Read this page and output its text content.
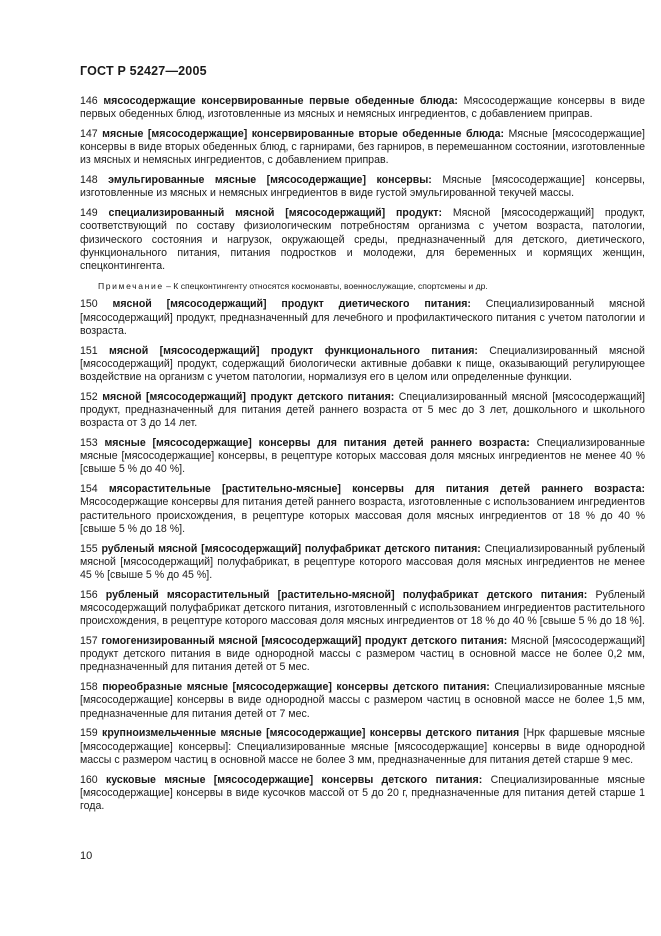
ГОСТ Р 52427—2005

146 мясосодержащие консервированные первые обеденные блюда: Мясосодержащие консервы в виде первых обеденных блюд, изготовленные из мясных и немясных ингредиентов, с добавлением приправ.

147 мясные [мясосодержащие] консервированные вторые обеденные блюда: Мясные [мясосодержащие] консервы в виде вторых обеденных блюд, с гарнирами, без гарниров, в перемешанном состоянии, изготовленные из мясных и немясных ингредиентов, с добавлением приправ.

148 эмульгированные мясные [мясосодержащие] консервы: Мясные [мясосодержащие] консервы, изготовленные из мясных и немясных ингредиентов в виде густой эмульгированной текучей массы.

149 специализированный мясной [мясосодержащий] продукт: Мясной [мясосодержащий] продукт, соответствующий по составу физиологическим потребностям организма с учетом возраста, патологии, физического состояния и нагрузок, окружающей среды, предназначенный для детского, диетического, функционального питания, питания подростков и молодежи, для беременных и кормящих женщин, спецконтингента.

Примечание – К спецконтингенту относятся космонавты, военнослужащие, спортсмены и др.

150 мясной [мясосодержащий] продукт диетического питания: Специализированный мясной [мясосодержащий] продукт, предназначенный для лечебного и профилактического питания с учетом патологии и возраста.

151 мясной [мясосодержащий] продукт функционального питания: Специализированный мясной [мясосодержащий] продукт, содержащий биологически активные добавки к пище, оказывающий регулирующее воздействие на организм с учетом патологии, нормализуя его в целом или определенные функции.

152 мясной [мясосодержащий] продукт детского питания: Специализированный мясной [мясосодержащий] продукт, предназначенный для питания детей раннего возраста от 5 мес до 3 лет, дошкольного и школьного возраста от 3 до 14 лет.

153 мясные [мясосодержащие] консервы для питания детей раннего возраста: Специализированные мясные [мясосодержащие] консервы, в рецептуре которых массовая доля мясных ингредиентов не менее 40 % [свыше 5 % до 40 %].

154 мясорастительные [растительно-мясные] консервы для питания детей раннего возраста: Мясосодержащие консервы для питания детей раннего возраста, изготовленные с использованием ингредиентов растительного происхождения, в рецептуре которых массовая доля мясных ингредиентов от 18 % до 40 % [свыше 5 % до 18 %].

155 рубленый мясной [мясосодержащий] полуфабрикат детского питания: Специализированный рубленый мясной [мясосодержащий] полуфабрикат, в рецептуре которого массовая доля мясных ингредиентов не менее 45 % [свыше 5 % до 45 %].

156 рубленый мясорастительный [растительно-мясной] полуфабрикат детского питания: Рубленый мясосодержащий полуфабрикат детского питания, изготовленный с использованием ингредиентов растительного происхождения, в рецептуре которого массовая доля мясных ингредиентов от 18 % до 40 % [свыше 5 % до 18 %].

157 гомогенизированный мясной [мясосодержащий] продукт детского питания: Мясной [мясосодержащий] продукт детского питания в виде однородной массы с размером частиц в основной массе не более 0,2 мм, предназначенный для питания детей от 5 мес.

158 пюреобразные мясные [мясосодержащие] консервы детского питания: Специализированные мясные [мясосодержащие] консервы в виде однородной массы с размером частиц в основной массе не более 1,5 мм, предназначенные для питания детей от 7 мес.

159 крупноизмельченные мясные [мясосодержащие] консервы детского питания [Нрк фаршевые мясные [мясосодержащие] консервы]: Специализированные мясные [мясосодержащие] консервы в виде однородной массы с размером частиц в основной массе не более 3 мм, предназначенные для питания детей старше 9 мес.

160 кусковые мясные [мясосодержащие] консервы детского питания: Специализированные мясные [мясосодержащие] консервы в виде кусочков массой от 5 до 20 г, предназначенные для питания детей старше 1 года.

10
